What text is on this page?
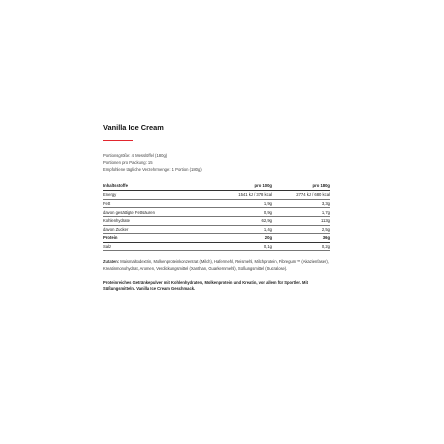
Vanilla Ice Cream
Portionsgröße: 4 Messlöffel (180g)
Portionen pro Packung: 15
Empfohlene tägliche Verzehrmenge: 1 Portion (180g)
Inhaltsstoffe	pro 100g	pro 180g
Energy	1541 kJ / 378 kcal	2774 kJ / 680 kcal
Fett	1,9g	3,3g
davon gesättigte Fettsäuren	0,9g	1,7g
Kohlenhydrate	62,9g	113g
davon Zucker	1,4g	2,5g
Protein	20g	36g
Salz	0,1g	0,2g

Zutaten: Maismaltodextrin, Molkenproteinkonzentrat (Milch), Hafermehl, Reismehl, Milchprotein, Fibregum™ (Akazienfaser), Kreatinmonohydrat, Aromen, Verdickungsmittel (Xanthan, Guarkernmehl), Süßungsmittel (Sucralose).

Proteinreiches Getränkepulver mit Kohlenhydraten, Molkenprotein und Kreatin, vor allem für Sportler. Mit Süßungsmitteln. Vanilla Ice Cream Geschmack.
